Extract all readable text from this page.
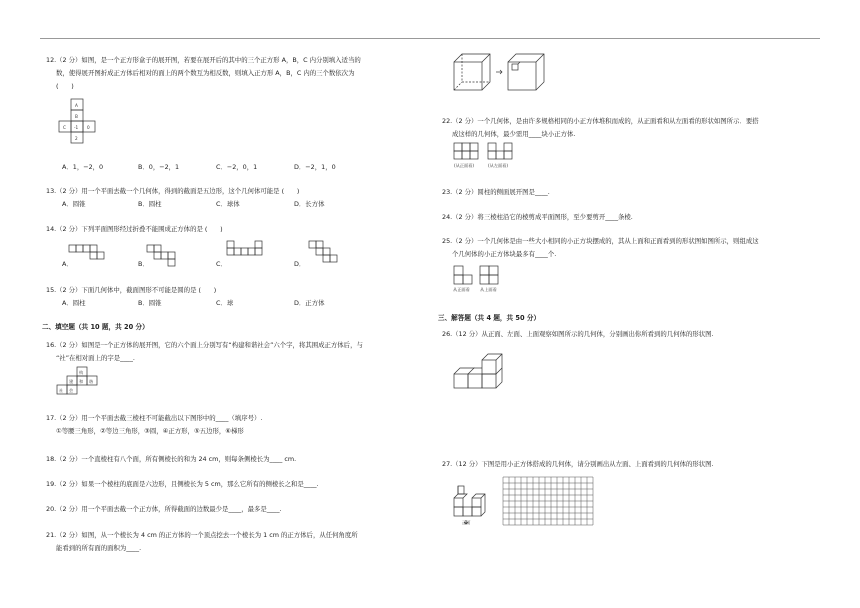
12.（2 分）如图，是一个正方形盒子的展开图，若要在展开后的其中的三个正方形 A，B，C 内分别填入适当的
数，使得展开图折成正方体后相对的面上的两个数互为相反数，则填入正方形 A，B，C 内的三个数依次为
(　　)
A
B
C -1 0
2
A．1，−2，0	B．0，−2，1	C．−2，0，1	D．−2，1，0
13.（2 分）用一个平面去截一个几何体，得到的截面是五边形，这个几何体可能是 (　　)
A．圆锥	B．圆柱	C．球体	D．长方体
14.（2 分）下列平面图形经过折叠不能围成正方体的是 (　　)
A．	B．	C．	D．
15.（2 分）下面几何体中，截面图形不可能是圆的是 (　　)
A．圆柱	B．圆锥	C．球	D．正方体
二、填空题（共 10 题，共 20 分）
16.（2 分）如图是一个正方体的展开图，它的六个面上分别写有“构建和谐社会”六个字，将其围成正方体后，与
“社”在相对面上的字是____.
构
建 和 谐
社 会
17.（2 分）用一个平面去截三棱柱不可能截出以下图形中的____（填序号）.
①等腰三角形，②等边三角形，③圆，④正方形，⑤五边形，⑥梯形
18.（2 分）一个直棱柱有八个面，所有侧棱长的和为 24 cm，则每条侧棱长为____ cm.
19.（2 分）如果一个棱柱的底面是六边形，且侧棱长为 5 cm，那么它所有的侧棱长之和是____.
20.（2 分）用一个平面去截一个正方体，所得截面的边数最少是____，最多是____.
21.（2 分）如图，从一个棱长为 4 cm 的正方体的一个顶点挖去一个棱长为 1 cm 的正方体后，从任何角度所
能看到的所有面的面积为____.
22.（2 分）一个几何体，是由许多规格相同的小正方体堆积而成的，从正面看和从左面看的形状如图所示．要搭
成这样的几何体，最少需用____块小正方体.
(从正面看)	(从左面看)
23.（2 分）圆柱的侧面展开图是____.
24.（2 分）将三棱柱沿它的棱剪成平面图形，至少要剪开____条棱.
25.（2 分）一个几何体是由一些大小相同的小正方块摆成的，其从上面和正面看到的形状图如图所示，则组成这
个几何体的小正方体块最多有____个.
从正面看 从上面看
三、解答题（共 4 题，共 50 分）
26.（12 分）从正面、左面、上面观察如图所示的几何体，分别画出你所看到的几何体的形状图.
27.（12 分）下图是用小正方体搭成的几何体，请分别画出从左面、上面看到的几何体的形状图.
正面
